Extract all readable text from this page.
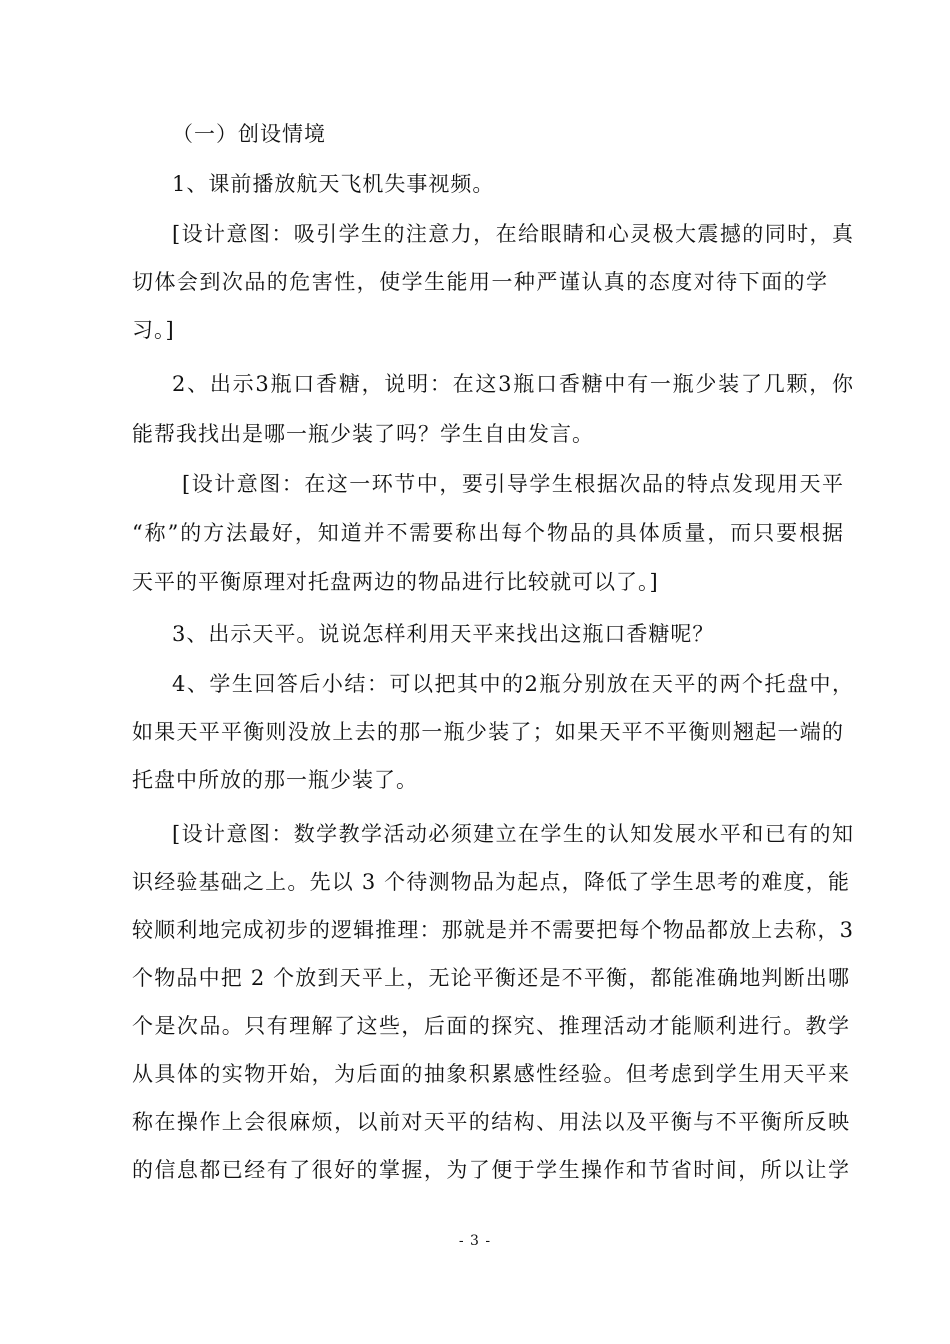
（一）创设情境
1、课前播放航天飞机失事视频。
[设计意图：吸引学生的注意力，在给眼睛和心灵极大震撼的同时，真
切体会到次品的危害性，使学生能用一种严谨认真的态度对待下面的学
习。]
2、出示3瓶口香糖，说明：在这3瓶口香糖中有一瓶少装了几颗，你
能帮我找出是哪一瓶少装了吗？学生自由发言。
[设计意图：在这一环节中，要引导学生根据次品的特点发现用天平
“称”的方法最好，知道并不需要称出每个物品的具体质量，而只要根据
天平的平衡原理对托盘两边的物品进行比较就可以了。]
3、出示天平。说说怎样利用天平来找出这瓶口香糖呢？
4、学生回答后小结：可以把其中的2瓶分别放在天平的两个托盘中，
如果天平平衡则没放上去的那一瓶少装了；如果天平不平衡则翘起一端的
托盘中所放的那一瓶少装了。
[设计意图：数学教学活动必须建立在学生的认知发展水平和已有的知
识经验基础之上。先以 3 个待测物品为起点，降低了学生思考的难度，能
较顺利地完成初步的逻辑推理：那就是并不需要把每个物品都放上去称，3
个物品中把 2 个放到天平上，无论平衡还是不平衡，都能准确地判断出哪
个是次品。只有理解了这些，后面的探究、推理活动才能顺利进行。教学
从具体的实物开始，为后面的抽象积累感性经验。但考虑到学生用天平来
称在操作上会很麻烦，以前对天平的结构、用法以及平衡与不平衡所反映
的信息都已经有了很好的掌握，为了便于学生操作和节省时间，所以让学
- 3 -
